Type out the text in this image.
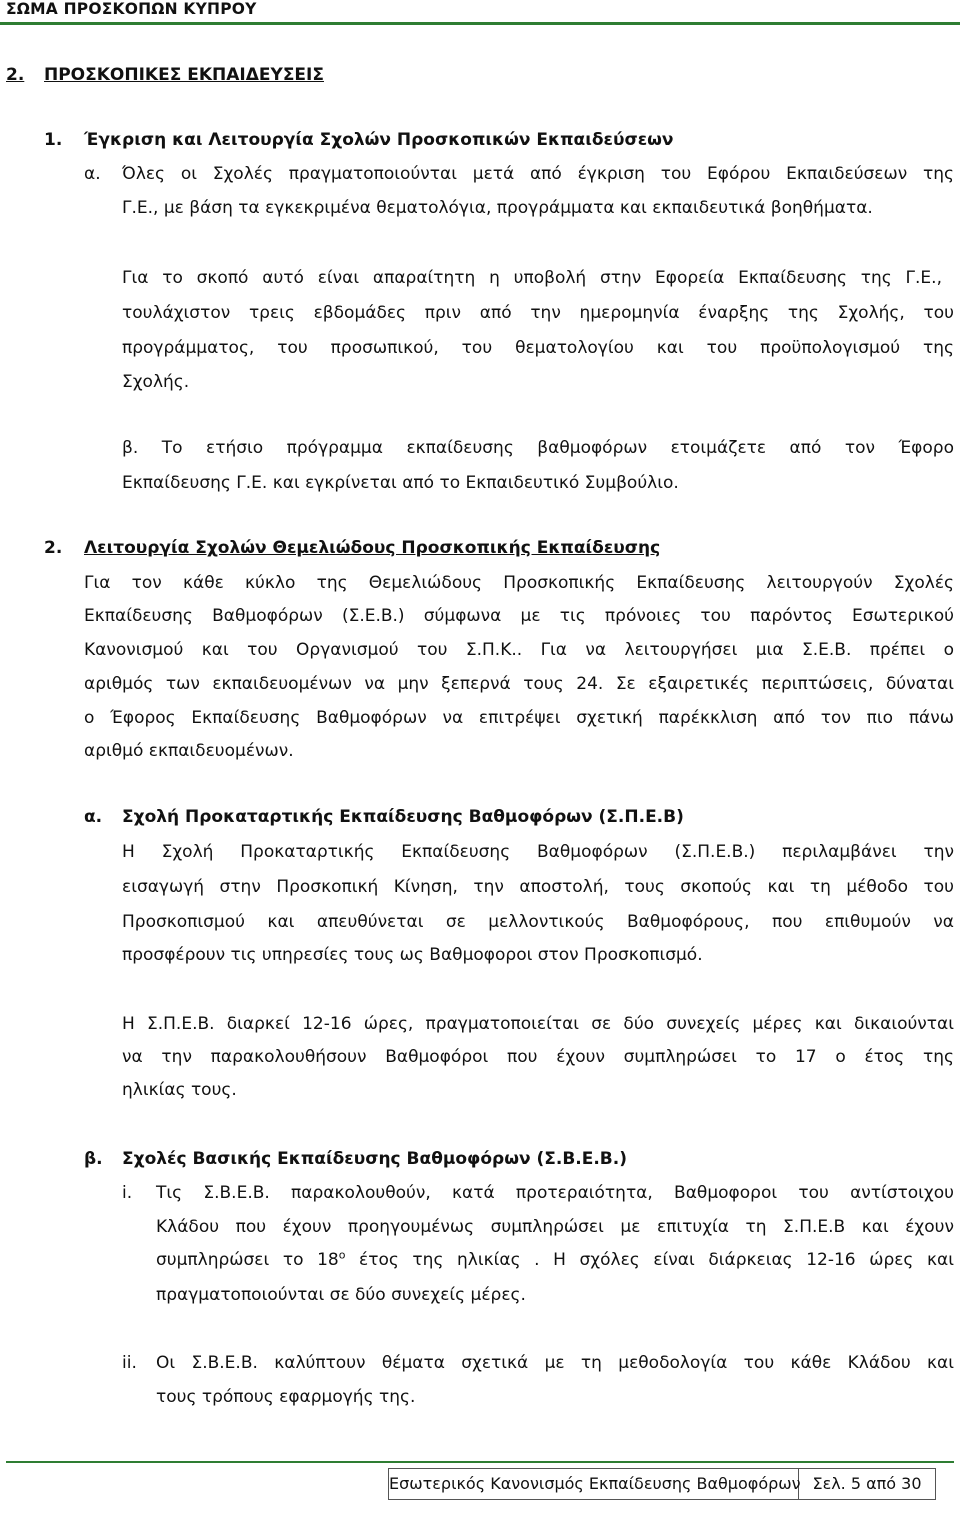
ΣΩΜΑ ΠΡΟΣΚΟΠΩΝ ΚΥΠΡΟΥ
2. ΠΡΟΣΚΟΠΙΚΕΣ ΕΚΠΑΙΔΕΥΣΕΙΣ
1. Έγκριση και Λειτουργία Σχολών Προσκοπικών Εκπαιδεύσεων
α. Όλες οι Σχολές πραγματοποιούνται μετά από έγκριση του Εφόρου Εκπαιδεύσεων της
Γ.Ε., με βάση τα εγκεκριμένα θεματολόγια, προγράμματα και εκπαιδευτικά βοηθήματα.
Για το σκοπό αυτό είναι απαραίτητη η υποβολή στην Εφορεία Εκπαίδευσης της Γ.Ε.,
τουλάχιστον τρεις εβδομάδες πριν από την ημερομηνία έναρξης της Σχολής, του
προγράμματος, του προσωπικού, του θεματολογίου και του προϋπολογισμού της
Σχολής.
β. Το ετήσιο πρόγραμμα εκπαίδευσης βαθμοφόρων ετοιμάζετε από τον Έφορο
Εκπαίδευσης Γ.Ε. και εγκρίνεται από το Εκπαιδευτικό Συμβούλιο.
2. Λειτουργία Σχολών Θεμελιώδους Προσκοπικής Εκπαίδευσης
Για τον κάθε κύκλο της Θεμελιώδους Προσκοπικής Εκπαίδευσης λειτουργούν Σχολές
Εκπαίδευσης Βαθμοφόρων (Σ.Ε.Β.) σύμφωνα με τις πρόνοιες του παρόντος Εσωτερικού
Κανονισμού και του Οργανισμού του Σ.Π.Κ.. Για να λειτουργήσει μια Σ.Ε.Β. πρέπει ο
αριθμός των εκπαιδευομένων να μην ξεπερνά τους 24. Σε εξαιρετικές περιπτώσεις, δύναται
ο Έφορος Εκπαίδευσης Βαθμοφόρων να επιτρέψει σχετική παρέκκλιση από τον πιο πάνω
αριθμό εκπαιδευομένων.
α. Σχολή Προκαταρτικής Εκπαίδευσης Βαθμοφόρων (Σ.Π.Ε.Β)
Η Σχολή Προκαταρτικής Εκπαίδευσης Βαθμοφόρων (Σ.Π.Ε.Β.) περιλαμβάνει την
εισαγωγή στην Προσκοπική Κίνηση, την αποστολή, τους σκοπούς και τη μέθοδο του
Προσκοπισμού και απευθύνεται σε μελλοντικούς Βαθμοφόρους, που επιθυμούν να
προσφέρουν τις υπηρεσίες τους ως Βαθμοφοροι στον Προσκοπισμό.
Η Σ.Π.Ε.Β. διαρκεί 12-16 ώρες, πραγματοποιείται σε δύο συνεχείς μέρες και δικαιούνται
να την παρακολουθήσουν Βαθμοφόροι που έχουν συμπληρώσει το 17 ο έτος της
ηλικίας τους.
β. Σχολές Βασικής Εκπαίδευσης Βαθμοφόρων (Σ.Β.Ε.Β.)
i. Τις Σ.Β.Ε.Β. παρακολουθούν, κατά προτεραιότητα, Βαθμοφοροι του αντίστοιχου
Κλάδου που έχουν προηγουμένως συμπληρώσει με επιτυχία τη Σ.Π.Ε.Β και έχουν
συμπληρώσει το $18^o$ έτος της ηλικίας . Η σχόλες είναι διάρκειας 12-16 ώρες και
πραγματοποιούνται σε δύο συνεχείς μέρες.
ii. Οι Σ.Β.Ε.Β. καλύπτουν θέματα σχετικά με τη μεθοδολογία του κάθε Κλάδου και
τους τρόπους εφαρμογής της.
Εσωτερικός Κανονισμός Εκπαίδευσης Βαθμοφόρων Σελ. 5 από 30
